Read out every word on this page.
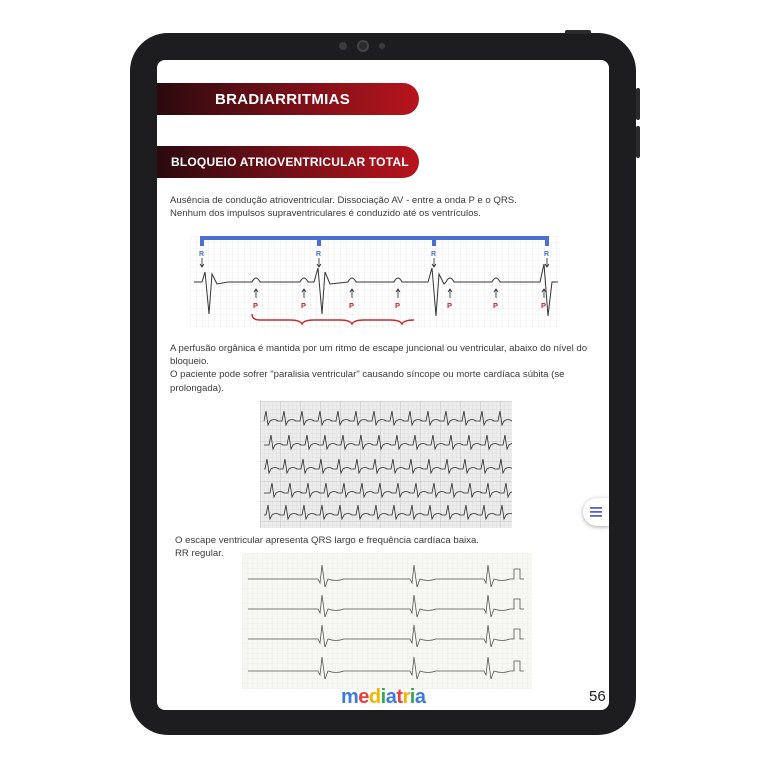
BRADIARRITMIAS
BLOQUEIO ATRIOVENTRICULAR TOTAL
Ausência de condução atrioventricular. Dissociação AV - entre a onda P e o QRS.
Nenhum dos impulsos supraventriculares é conduzido até os ventrículos.
R	R	R	R
P	P	P	P	P	P	P
A perfusão orgânica é mantida por um ritmo de escape juncional ou ventricular, abaixo do nível do bloqueio.
O paciente pode sofrer "paralisia ventricular" causando síncope ou morte cardíaca súbita (se prolongada).
O escape ventricular apresenta QRS largo e frequência cardíaca baixa.
RR regular.
mediatria	56
